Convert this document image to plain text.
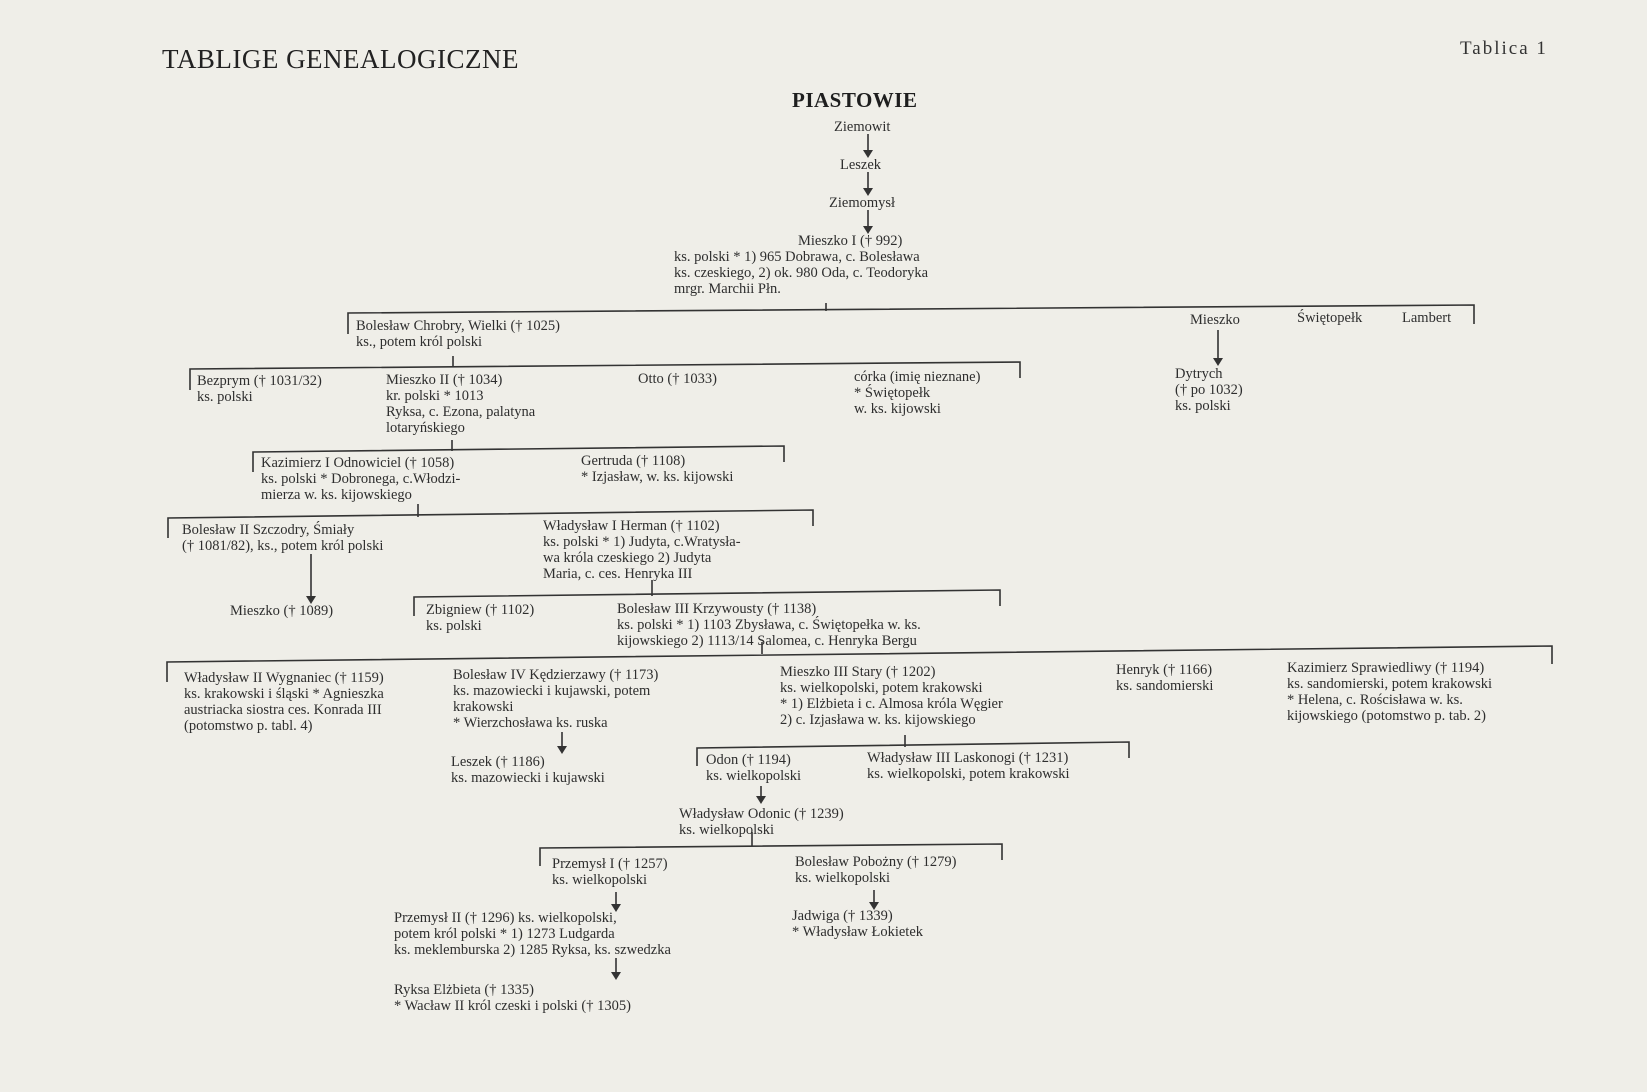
TABLIGE GENEALOGICZNE	Tablica 1
PIASTOWIE
Ziemowit
Leszek
Ziemomysł
Mieszko I († 992)
ks. polski * 1) 965 Dobrawa, c. Bolesława
ks. czeskiego, 2) ok. 980 Oda, c. Teodoryka
mrgr. Marchii Płn.
Bolesław Chrobry, Wielki († 1025)
ks., potem król polski
Mieszko	Świętopełk	Lambert
Dytrych
(† po 1032)
ks. polski
Bezprym († 1031/32)
ks. polski
Mieszko II († 1034)
kr. polski * 1013
Ryksa, c. Ezona, palatyna
lotaryńskiego
Otto († 1033)	córka (imię nieznane)
* Świętopełk
w. ks. kijowski
Kazimierz I Odnowiciel († 1058)
ks. polski * Dobronega, c.Włodzi-
mierza w. ks. kijowskiego
Gertruda († 1108)
* Izjasław, w. ks. kijowski
Bolesław II Szczodry, Śmiały
(† 1081/82), ks., potem król polski
Władysław I Herman († 1102)
ks. polski * 1) Judyta, c.Wratysła-
wa króla czeskiego 2) Judyta
Maria, c. ces. Henryka III
Mieszko († 1089)	Zbigniew († 1102)
ks. polski
Bolesław III Krzywousty († 1138)
ks. polski * 1) 1103 Zbysława, c. Świętopełka w. ks.
kijowskiego 2) 1113/14 Salomea, c. Henryka Bergu
Władysław II Wygnaniec († 1159)
ks. krakowski i śląski * Agnieszka
austriacka siostra ces. Konrada III
(potomstwo p. tabl. 4)
Bolesław IV Kędzierzawy († 1173)
ks. mazowiecki i kujawski, potem
krakowski
* Wierzchosława ks. ruska
Mieszko III Stary († 1202)
ks. wielkopolski, potem krakowski
* 1) Elżbieta i c. Almosa króla Węgier
2) c. Izjasława w. ks. kijowskiego
Henryk († 1166)
ks. sandomierski
Kazimierz Sprawiedliwy († 1194)
ks. sandomierski, potem krakowski
* Helena, c. Rościsława w. ks.
kijowskiego (potomstwo p. tab. 2)
Leszek († 1186)
ks. mazowiecki i kujawski
Odon († 1194)
ks. wielkopolski
Władysław III Laskonogi († 1231)
ks. wielkopolski, potem krakowski
Władysław Odonic († 1239)
ks. wielkopolski
Przemysł I († 1257)
ks. wielkopolski
Bolesław Pobożny († 1279)
ks. wielkopolski
Przemysł II († 1296) ks. wielkopolski,
potem król polski * 1) 1273 Ludgarda
ks. meklemburska 2) 1285 Ryksa, ks. szwedzka
Jadwiga († 1339)
* Władysław Łokietek
Ryksa Elżbieta († 1335)
* Wacław II król czeski i polski († 1305)
